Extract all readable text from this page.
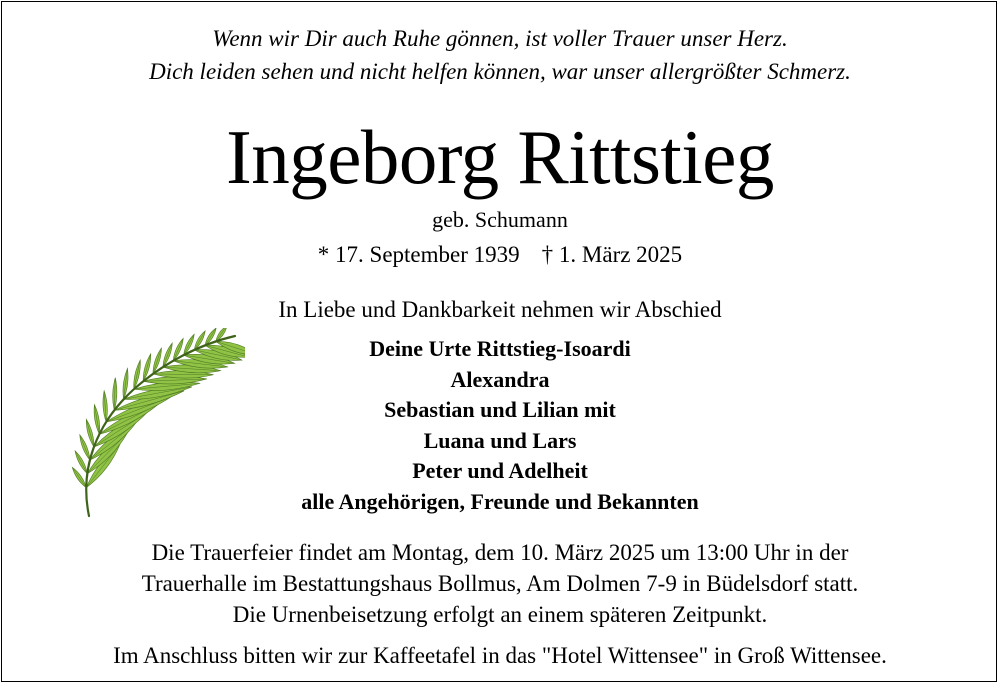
Wenn wir Dir auch Ruhe gönnen, ist voller Trauer unser Herz.
Dich leiden sehen und nicht helfen können, war unser allergrößter Schmerz.
Ingeborg Rittstieg
geb. Schumann
* 17. September 1939 † 1. März 2025
In Liebe und Dankbarkeit nehmen wir Abschied
Deine Urte Rittstieg-Isoardi
Alexandra
Sebastian und Lilian mit
Luana und Lars
Peter und Adelheit
alle Angehörigen, Freunde und Bekannten
Die Trauerfeier findet am Montag, dem 10. März 2025 um 13:00 Uhr in der
Trauerhalle im Bestattungshaus Bollmus, Am Dolmen 7-9 in Büdelsdorf statt.
Die Urnenbeisetzung erfolgt an einem späteren Zeitpunkt.
Im Anschluss bitten wir zur Kaffeetafel in das "Hotel Wittensee" in Groß Wittensee.
